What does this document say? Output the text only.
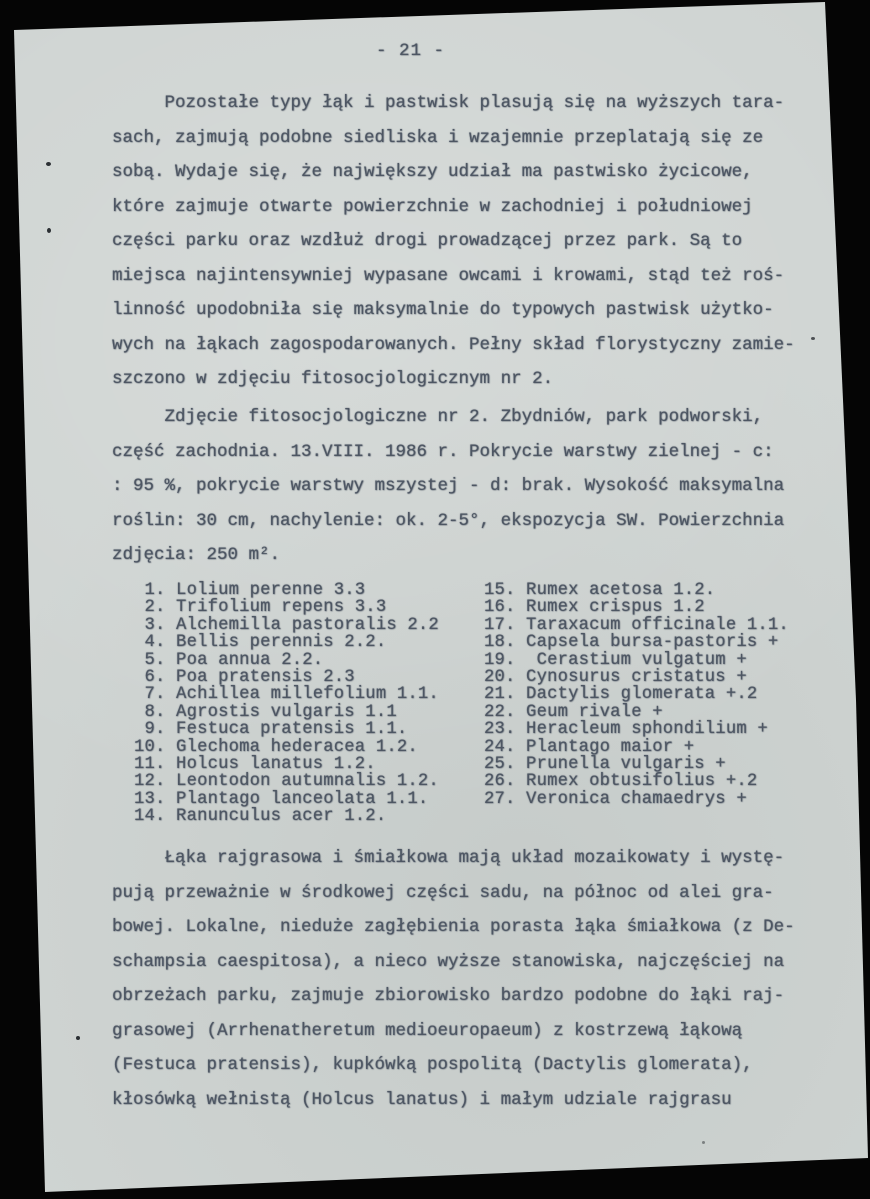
- 21 -
Pozostałe typy łąk i pastwisk plasują się na wyższych tara-
sach, zajmują podobne siedliska i wzajemnie przeplatają się ze
sobą. Wydaje się, że największy udział ma pastwisko życicowe,
które zajmuje otwarte powierzchnie w zachodniej i południowej
części parku oraz wzdłuż drogi prowadzącej przez park. Są to
miejsca najintensywniej wypasane owcami i krowami, stąd też roś-
linność upodobniła się maksymalnie do typowych pastwisk użytko-
wych na łąkach zagospodarowanych. Pełny skład florystyczny zamie-
szczono w zdjęciu fitosocjologicznym nr 2.
Zdjęcie fitosocjologiczne nr 2. Zbydniów, park podworski,
część zachodnia. 13.VIII. 1986 r. Pokrycie warstwy zielnej - c:
: 95 %, pokrycie warstwy mszystej - d: brak. Wysokość maksymalna
roślin: 30 cm, nachylenie: ok. 2-5°, ekspozycja SW. Powierzchnia
zdjęcia: 250 m².
1. Lolium perenne 3.3
2. Trifolium repens 3.3
3. Alchemilla pastoralis 2.2
4. Bellis perennis 2.2.
5. Poa annua 2.2.
6. Poa pratensis 2.3
7. Achillea millefolium 1.1.
8. Agrostis vulgaris 1.1
9. Festuca pratensis 1.1.
10. Glechoma hederacea 1.2.
11. Holcus lanatus 1.2.
12. Leontodon autumnalis 1.2.
13. Plantago lanceolata 1.1.
14. Ranunculus acer 1.2.
15. Rumex acetosa 1.2.
16. Rumex crispus 1.2
17. Taraxacum officinale 1.1.
18. Capsela bursa-pastoris +
19.  Cerastium vulgatum +
20. Cynosurus cristatus +
21. Dactylis glomerata +.2
22. Geum rivale +
23. Heracleum sphondilium +
24. Plantago maior +
25. Prunella vulgaris +
26. Rumex obtusifolius +.2
27. Veronica chamaedrys +
Łąka rajgrasowa i śmiałkowa mają układ mozaikowaty i wystę-
pują przeważnie w środkowej części sadu, na północ od alei gra-
bowej. Lokalne, nieduże zagłębienia porasta łąka śmiałkowa (z De-
schampsia caespitosa), a nieco wyższe stanowiska, najczęściej na
obrzeżach parku, zajmuje zbiorowisko bardzo podobne do łąki raj-
grasowej (Arrhenatheretum medioeuropaeum) z kostrzewą łąkową
(Festuca pratensis), kupkówką pospolitą (Dactylis glomerata),
kłosówką wełnistą (Holcus lanatus) i małym udziale rajgrasu
